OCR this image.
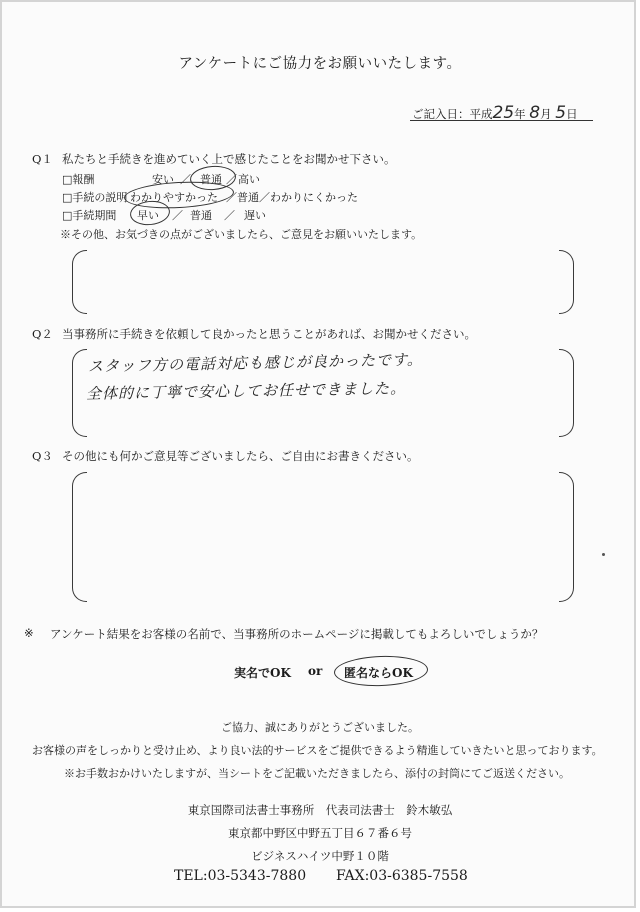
アンケートにご協力をお願いいたします。
ご記入日：平成25年 8月 5日
Q１ 私たちと手続きを進めていく上で感じたことをお聞かせ下さい。
□報酬	安い ／ 普通 ／ 高い
□手続の説明 わかりやすかった ／普通／わかりにくかった
□手続期間 早い ／ 普通 ／ 遅い
※その他、お気づきの点がございましたら、ご意見をお願いいたします。
Q２ 当事務所に手続きを依頼して良かったと思うことがあれば、お聞かせください。
スタッフ方の電話対応も感じが良かったです。
全体的に丁寧で安心してお任せできました。
Q３ その他にも何かご意見等ございましたら、ご自由にお書きください。
※ アンケート結果をお客様の名前で、当事務所のホームページに掲載してもよろしいでしょうか？
実名でOK or 匿名ならOK
ご協力、誠にありがとうございました。
お客様の声をしっかりと受け止め、より良い法的サービスをご提供できるよう精進していきたいと思っております。
※お手数おかけいたしますが、当シートをご記載いただきましたら、添付の封筒にてご返送ください。
東京国際司法書士事務所　代表司法書士　鈴木敏弘
東京都中野区中野五丁目６７番６号
ビジネスハイツ中野１０階
TEL:03-5343-7880 FAX:03-6385-7558
